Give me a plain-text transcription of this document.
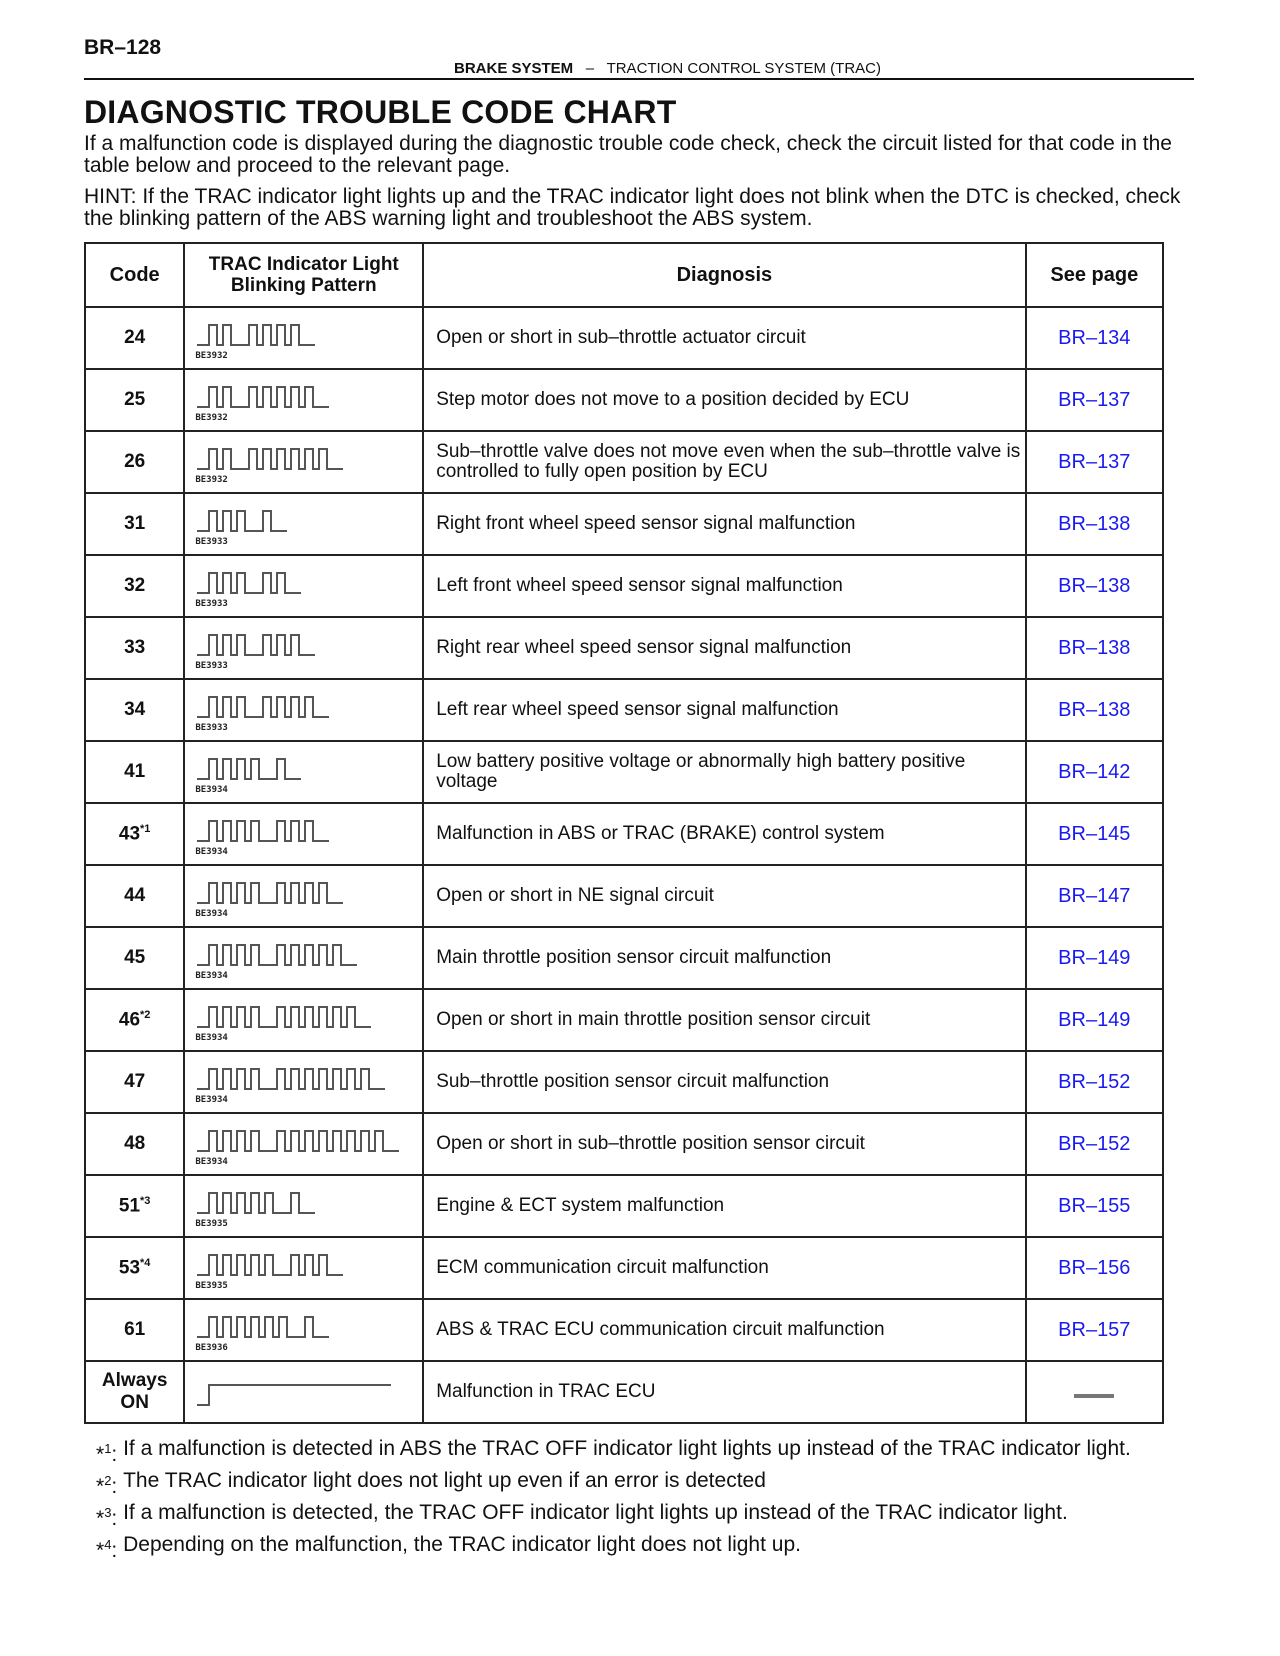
BR–128
BRAKE SYSTEM – TRACTION CONTROL SYSTEM (TRAC)
DIAGNOSTIC TROUBLE CODE CHART
If a malfunction code is displayed during the diagnostic trouble code check, check the circuit listed for that code in the table below and proceed to the relevant page.
HINT: If the TRAC indicator light lights up and the TRAC indicator light does not blink when the DTC is checked, check the blinking pattern of the ABS warning light and troubleshoot the ABS system.
Code	TRAC Indicator Light Blinking Pattern	Diagnosis	See page
24	BE3932	Open or short in sub–throttle actuator circuit	BR–134
25	BE3932	Step motor does not move to a position decided by ECU	BR–137
26	BE3932	Sub–throttle valve does not move even when the sub–throttle valve is controlled to fully open position by ECU	BR–137
31	BE3933	Right front wheel speed sensor signal malfunction	BR–138
32	BE3933	Left front wheel speed sensor signal malfunction	BR–138
33	BE3933	Right rear wheel speed sensor signal malfunction	BR–138
34	BE3933	Left rear wheel speed sensor signal malfunction	BR–138
41	BE3934	Low battery positive voltage or abnormally high battery positive voltage	BR–142
43$^{*1}$	BE3934	Malfunction in ABS or TRAC (BRAKE) control system	BR–145
44	BE3934	Open or short in NE signal circuit	BR–147
45	BE3934	Main throttle position sensor circuit malfunction	BR–149
46$^{*2}$	BE3934	Open or short in main throttle position sensor circuit	BR–149
47	BE3934	Sub–throttle position sensor circuit malfunction	BR–152
48	BE3934	Open or short in sub–throttle position sensor circuit	BR–152
51$^{*3}$	BE3935	Engine & ECT system malfunction	BR–155
53$^{*4}$	BE3935	ECM communication circuit malfunction	BR–156
61	BE3936	ABS & TRAC ECU communication circuit malfunction	BR–157
Always ON		Malfunction in TRAC ECU	
*$^1$: If a malfunction is detected in ABS the TRAC OFF indicator light lights up instead of the TRAC indicator light.
*$^2$: The TRAC indicator light does not light up even if an error is detected
*$^3$: If a malfunction is detected, the TRAC OFF indicator light lights up instead of the TRAC indicator light.
*$^4$: Depending on the malfunction, the TRAC indicator light does not light up.
